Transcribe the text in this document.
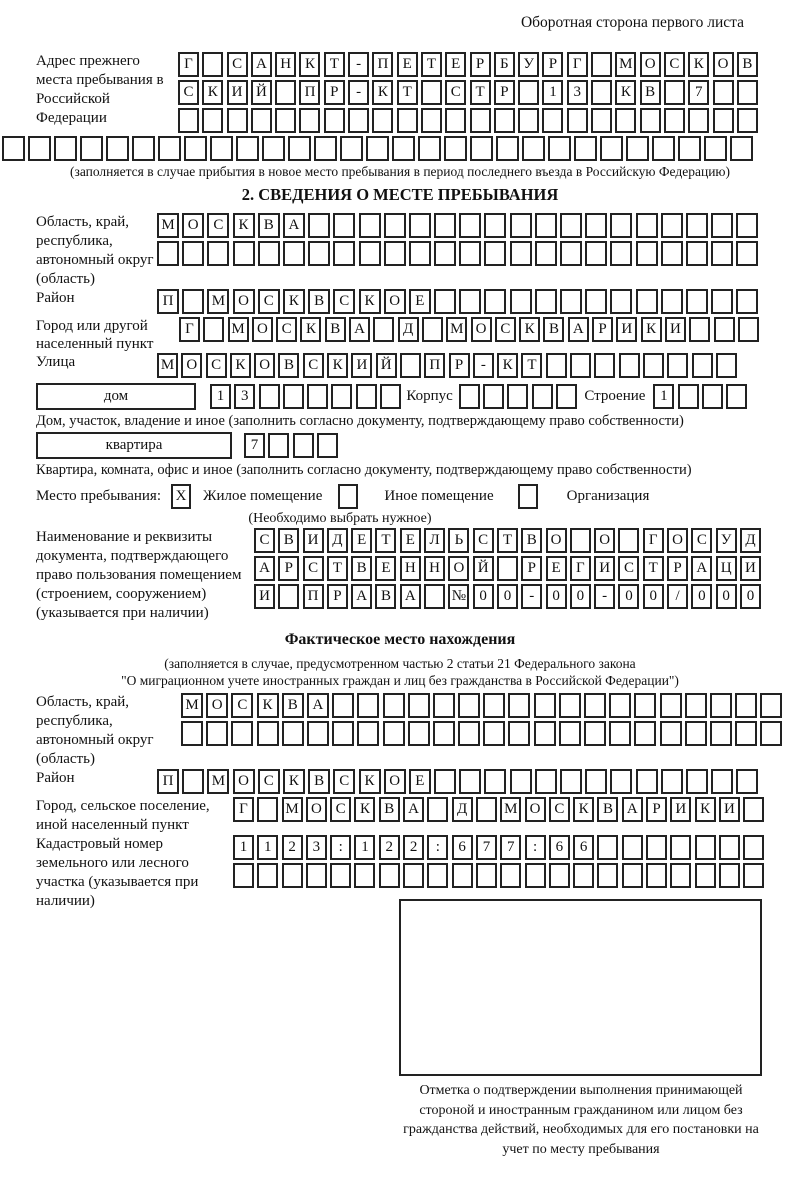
Оборотная сторона первого листа
Адрес прежнего места пребывания в Российской Федерации
Г	С А Н К Т	-	П Е	Т	Е	Р	Б У Р	Г	М О С К О В
С К И Й	П Р	-	К Т	С Т	Р	1	3	К В	7
(заполняется в случае прибытия в новое место пребывания в период последнего въезда в Российскую Федерацию)
2. СВЕДЕНИЯ О МЕСТЕ ПРЕБЫВАНИЯ
Область, край, республика, автономный округ (область)
М О С	К	В А
Район	П	М О С	К	В	С	К О	Е
Город или другой населенный пункт
Г	М О С К В А	Д	М О С К В А Р И К И
Улица	М О С К О В С К И Й	П Р	-	К Т
дом	1	3	Корпус	Строение 1
Дом, участок, владение и иное (заполнить согласно документу, подтверждающему право собственности)
квартира	7
Квартира, комната, офис и иное (заполнить согласно документу, подтверждающему право собственности)
Место пребывания: X	Жилое помещение	Иное помещение	Организация
(Необходимо выбрать нужное)
Наименование и реквизиты документа, подтверждающего право пользования помещением (строением, сооружением) (указывается при наличии)
С В И Д Е	Т	Е Л Ь С Т В О	О	Г О С У Д
А Р	С Т В Е Н Н О Й	Р	Е	Г И С Т	Р А Ц И
И	П Р А В А	№ 0	0	-	0	0	-	0	0	/	0	0	0
Фактическое место нахождения
(заполняется в случае, предусмотренном частью 2 статьи 21 Федерального закона
"О миграционном учете иностранных граждан и лиц без гражданства в Российской Федерации")
Область, край, республика, автономный округ (область)
М О С	К	В А
Район	П	М О С	К	В	С	К О	Е
Город, сельское поселение, иной населенный пункт
Г	М О С К В А	Д	М О С К В А Р И К И
Кадастровый номер земельного или лесного участка (указывается при наличии)
1	1	2	3	:	1	2	2	:	6	7	7	:	6	6
Отметка о подтверждении выполнения принимающей стороной и иностранным гражданином или лицом без гражданства действий, необходимых для его постановки на учет по месту пребывания
